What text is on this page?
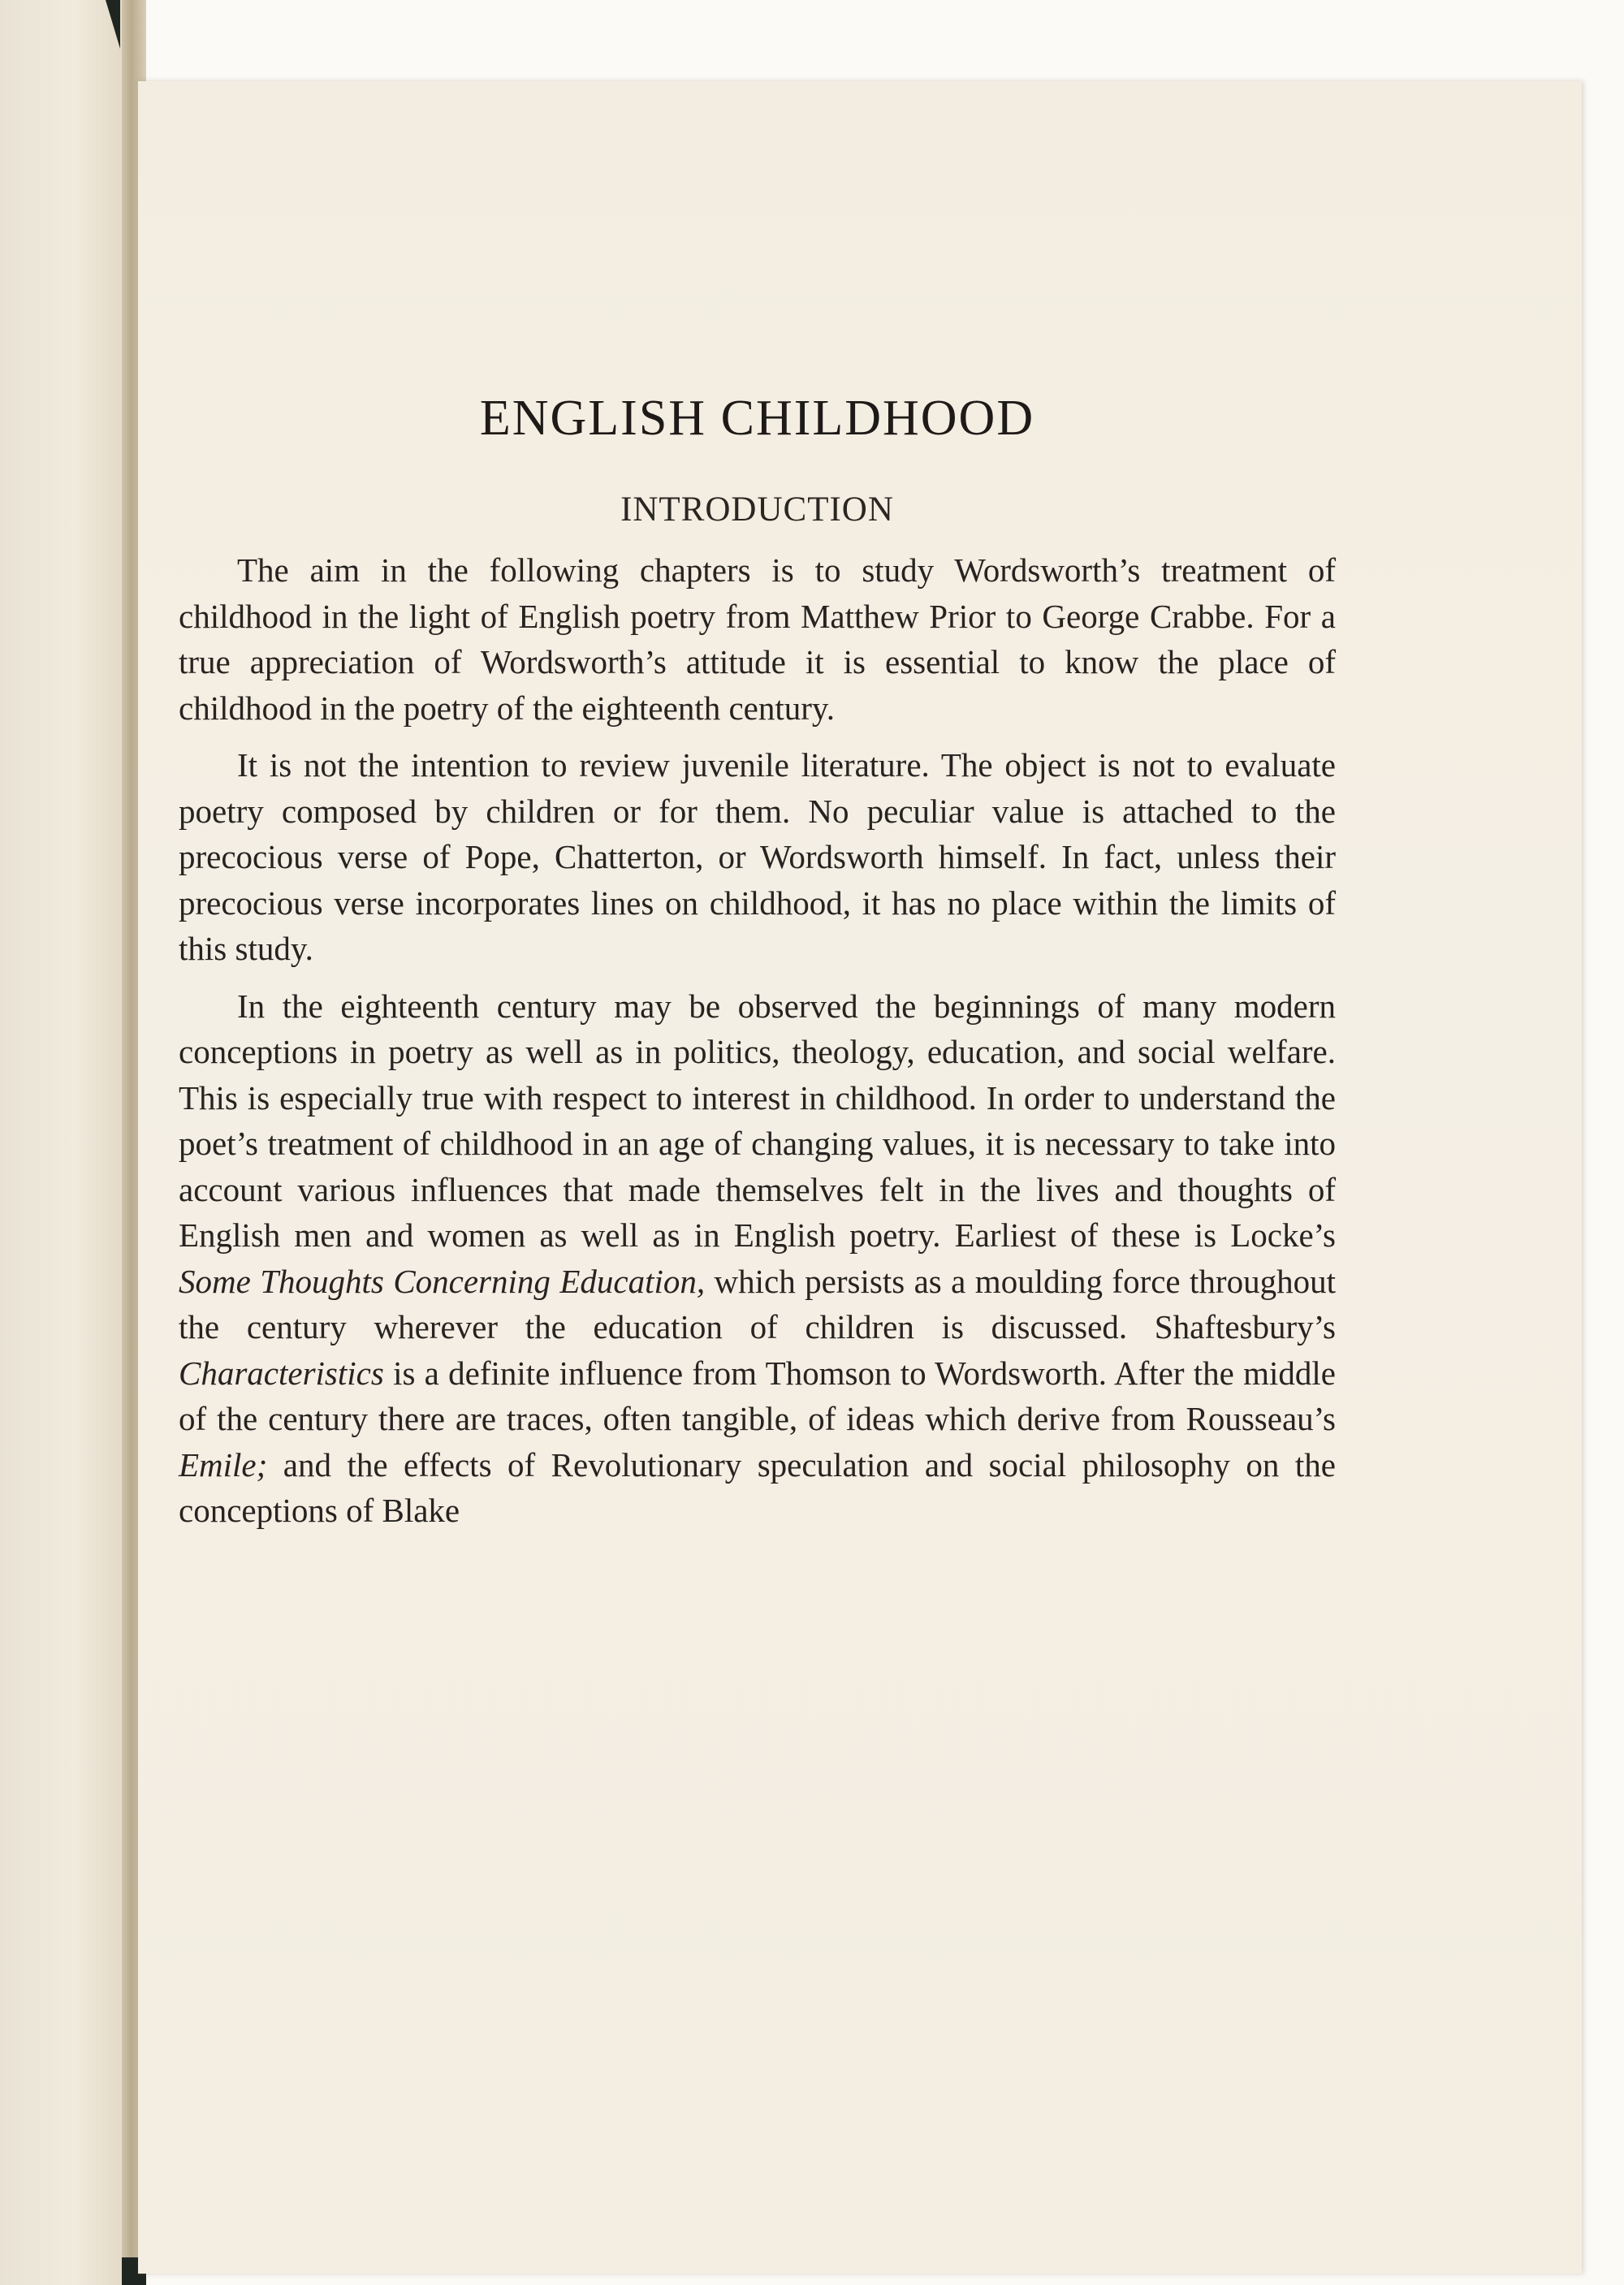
ENGLISH CHILDHOOD
INTRODUCTION

The aim in the following chapters is to study Wordsworth’s treatment of childhood in the light of English poetry from Matthew Prior to George Crabbe. For a true appreciation of Wordsworth’s attitude it is essential to know the place of childhood in the poetry of the eighteenth century.

It is not the intention to review juvenile literature. The object is not to evaluate poetry composed by children or for them. No peculiar value is attached to the precocious verse of Pope, Chatterton, or Wordsworth himself. In fact, unless their precocious verse incorporates lines on childhood, it has no place within the limits of this study.

In the eighteenth century may be observed the beginnings of many modern conceptions in poetry as well as in politics, theology, education, and social welfare. This is especially true with respect to interest in childhood. In order to understand the poet’s treatment of childhood in an age of changing values, it is necessary to take into account various influences that made themselves felt in the lives and thoughts of English men and women as well as in English poetry. Earliest of these is Locke’s Some Thoughts Concerning Education, which persists as a moulding force throughout the century wherever the education of children is discussed. Shaftesbury’s Characteristics is a definite influence from Thomson to Wordsworth. After the middle of the century there are traces, often tangible, of ideas which derive from Rousseau’s Emile; and the effects of Revolutionary speculation and social philosophy on the conceptions of Blake
